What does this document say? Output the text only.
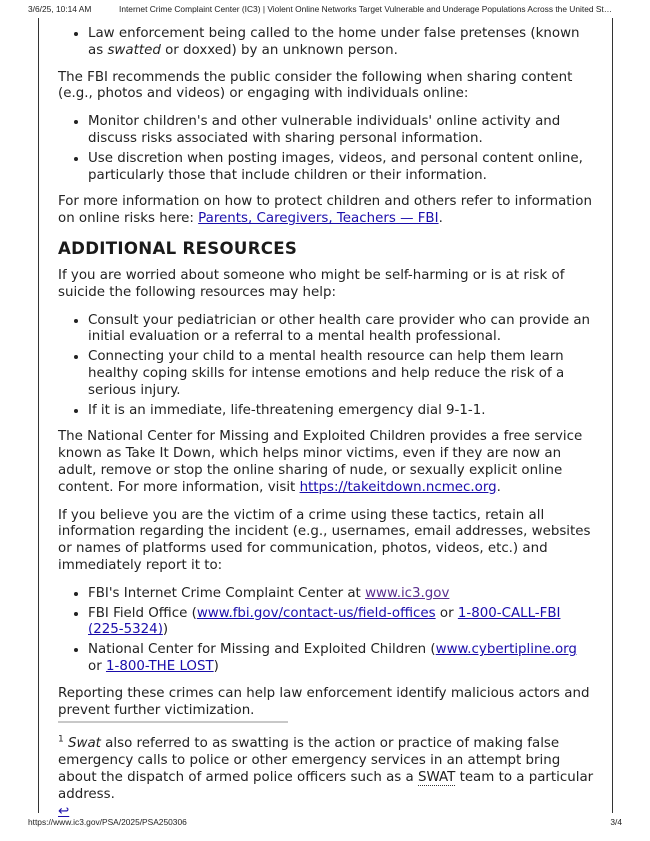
3/6/25, 10:14 AM	Internet Crime Complaint Center (IC3) | Violent Online Networks Target Vulnerable and Underage Populations Across the United St…
• Law enforcement being called to the home under false pretenses (known as swatted or doxxed) by an unknown person.

The FBI recommends the public consider the following when sharing content (e.g., photos and videos) or engaging with individuals online:

• Monitor children's and other vulnerable individuals' online activity and discuss risks associated with sharing personal information.
• Use discretion when posting images, videos, and personal content online, particularly those that include children or their information.

For more information on how to protect children and others refer to information on online risks here: Parents, Caregivers, Teachers — FBI.

ADDITIONAL RESOURCES

If you are worried about someone who might be self-harming or is at risk of suicide the following resources may help:

• Consult your pediatrician or other health care provider who can provide an initial evaluation or a referral to a mental health professional.
• Connecting your child to a mental health resource can help them learn healthy coping skills for intense emotions and help reduce the risk of a serious injury.
• If it is an immediate, life-threatening emergency dial 9-1-1.

The National Center for Missing and Exploited Children provides a free service known as Take It Down, which helps minor victims, even if they are now an adult, remove or stop the online sharing of nude, or sexually explicit online content. For more information, visit https://takeitdown.ncmec.org.

If you believe you are the victim of a crime using these tactics, retain all information regarding the incident (e.g., usernames, email addresses, websites or names of platforms used for communication, photos, videos, etc.) and immediately report it to:

• FBI's Internet Crime Complaint Center at www.ic3.gov
• FBI Field Office (www.fbi.gov/contact-us/field-offices or 1-800-CALL-FBI (225-5324))
• National Center for Missing and Exploited Children (www.cybertipline.org or 1-800-THE LOST)

Reporting these crimes can help law enforcement identify malicious actors and prevent further victimization.

$^1$ Swat also referred to as swatting is the action or practice of making false emergency calls to police or other emergency services in an attempt bring about the dispatch of armed police officers such as a SWAT team to a particular address.
↩

https://www.ic3.gov/PSA/2025/PSA250306	3/4
